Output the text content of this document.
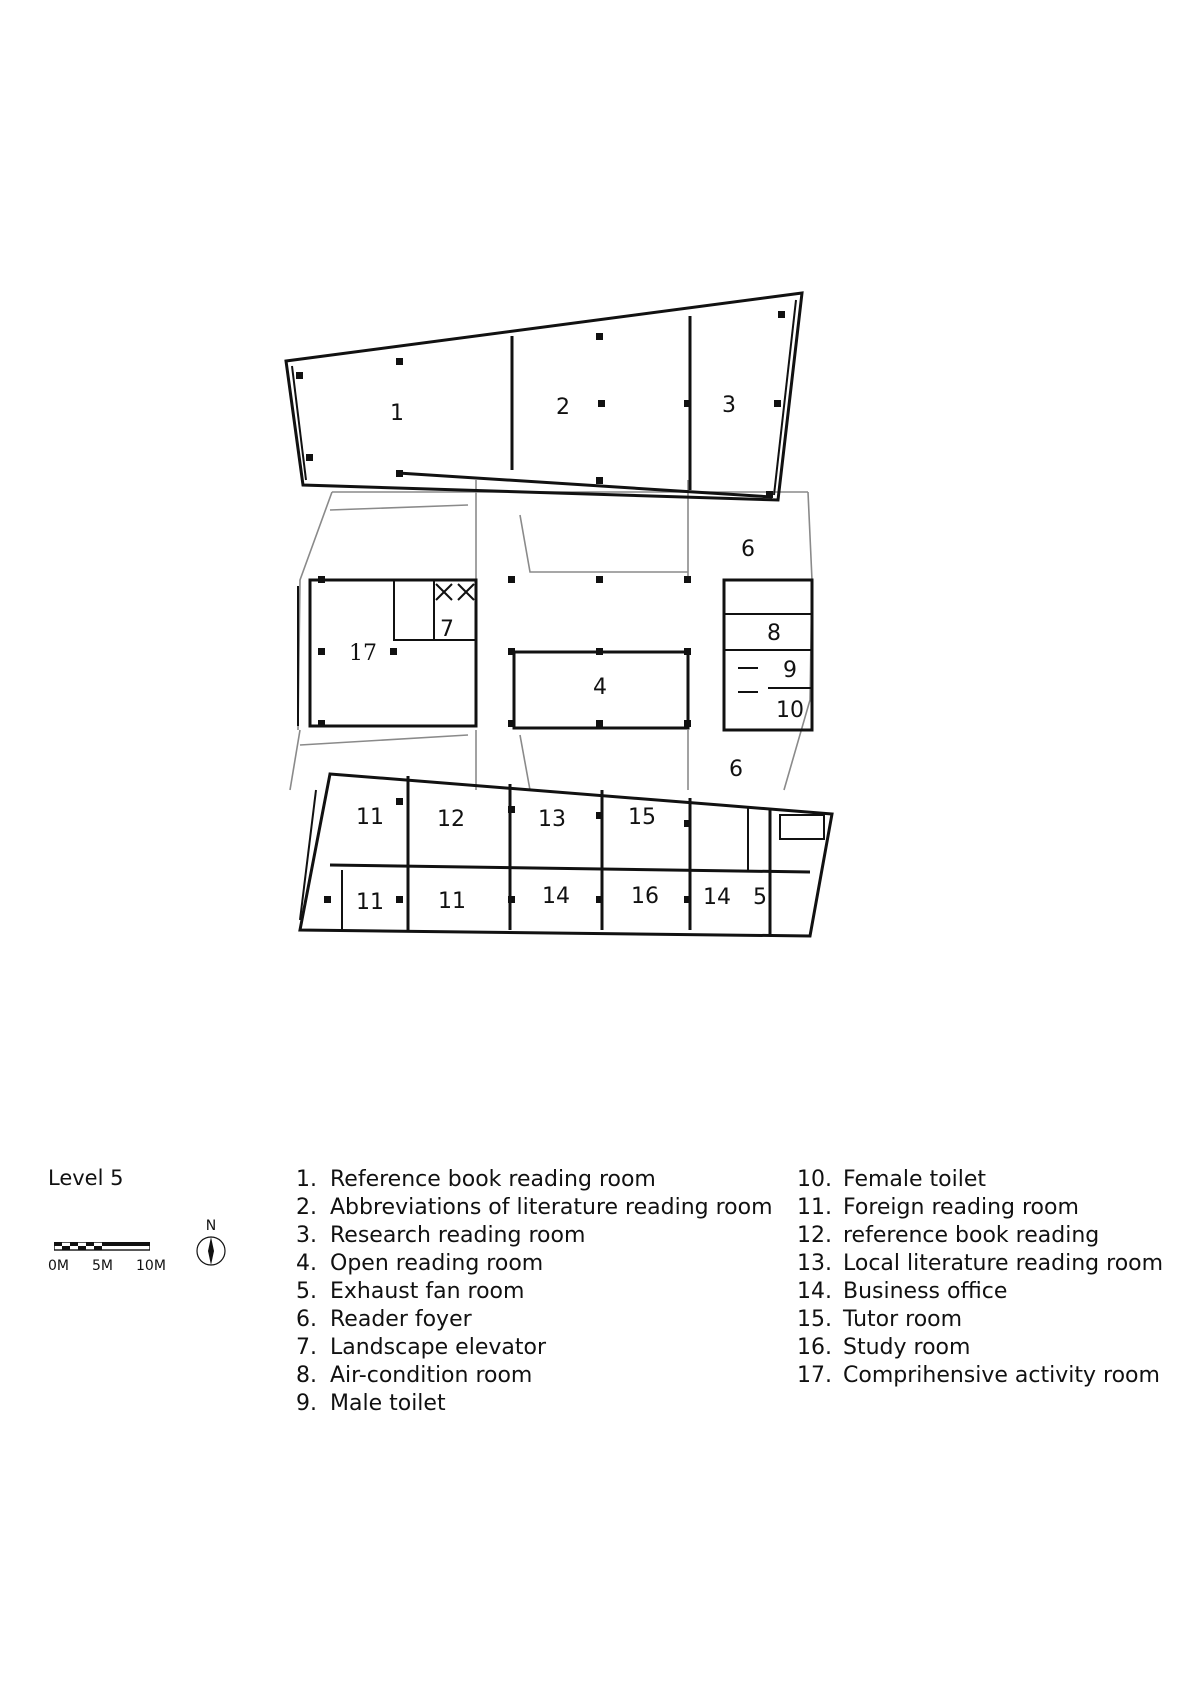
1	2	3
6
17
7	8
9
4
10
6
11 12	13	15
11 11	14	16 14 5
Level 5
0M 5M 10M
N
1. Reference book reading room
2. Abbreviations of literature reading room
3. Research reading room
4. Open reading room
5. Exhaust fan room
6. Reader foyer
7. Landscape elevator
8. Air-condition room
9. Male toilet
10. Female toilet
11. Foreign reading room
12. reference book reading
13. Local literature reading room
14. Business office
15. Tutor room
16. Study room
17. Comprihensive activity room
